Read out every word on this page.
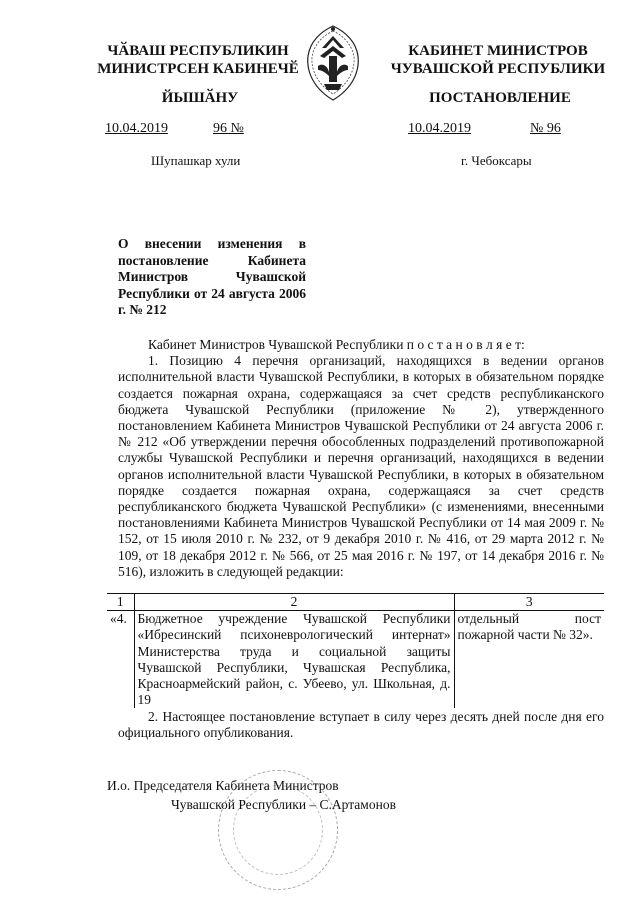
ЧӐВАШ РЕСПУБЛИКИН
МИНИСТРСЕН КАБИНЕЧӖ
ЙЫШӐНУ
10.04.2019	96 №
Шупашкар хули
КАБИНЕТ МИНИСТРОВ
ЧУВАШСКОЙ РЕСПУБЛИКИ
ПОСТАНОВЛЕНИЕ
10.04.2019	№ 96
г. Чебоксары
О внесении изменения в постановление Кабинета Министров Чувашской Республики от 24 августа 2006 г. № 212

Кабинет Министров Чувашской Республики п о с т а н о в л я е т:

1. Позицию 4 перечня организаций, находящихся в ведении органов исполнительной власти Чувашской Республики, в которых в обязательном порядке создается пожарная охрана, содержащаяся за счет средств республиканского бюджета Чувашской Республики (приложение № 2), утвержденного постановлением Кабинета Министров Чувашской Республики от 24 августа 2006 г. № 212 «Об утверждении перечня обособленных подразделений противопожарной службы Чувашской Республики и перечня организаций, находящихся в ведении органов исполнительной власти Чувашской Республики, в которых в обязательном порядке создается пожарная охрана, содержащаяся за счет средств республиканского бюджета Чувашской Республики» (с изменениями, внесенными постановлениями Кабинета Министров Чувашской Республики от 14 мая 2009 г. № 152, от 15 июля 2010 г. № 232, от 9 декабря 2010 г. № 416, от 29 марта 2012 г. № 109, от 18 декабря 2012 г. № 566, от 25 мая 2016 г. № 197, от 14 декабря 2016 г. № 516), изложить в следующей редакции:

1	2	3
«4.	Бюджетное учреждение Чувашской Республики «Ибресинский психоневрологический интернат» Министерства труда и социальной защиты Чувашской Республики, Чувашская Республика, Красноармейский район, с. Убеево, ул. Школьная, д. 19	отдельный пост пожарной части № 32».

2. Настоящее постановление вступает в силу через десять дней после дня его официального опубликования.

И.о. Председателя Кабинета Министров
Чувашской Республики – С.Артамонов
